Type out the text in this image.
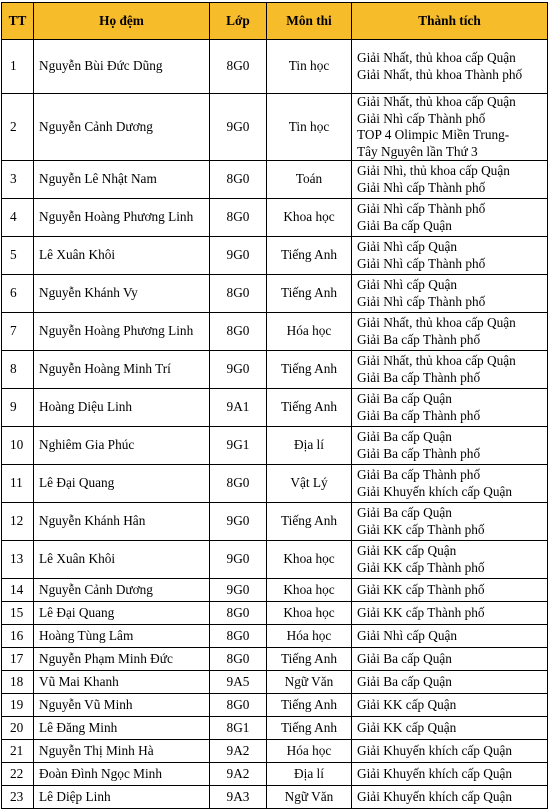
TT	Họ đệm	Lớp	Môn thi	Thành tích
1	Nguyễn Bùi Đức Dũng	8G0	Tin học	Giải Nhất, thủ khoa cấp Quận
Giải Nhất, thủ khoa Thành phố

2	Nguyễn Cảnh Dương	9G0	Tin học	Giải Nhất, thủ khoa cấp Quận
Giải Nhì cấp Thành phố
TOP 4 Olimpic Miền Trung-
Tây Nguyên lần Thứ 3

3	Nguyễn Lê Nhật Nam	8G0	Toán	Giải Nhì, thủ khoa cấp Quận
Giải Nhì cấp Thành phố

4	Nguyễn Hoàng Phương Linh	8G0	Khoa học	Giải Nhì cấp Thành phố
Giải Ba cấp Quận

5	Lê Xuân Khôi	9G0	Tiếng Anh	Giải Nhì cấp Quận
Giải Nhì cấp Thành phố

6	Nguyễn Khánh Vy	8G0	Tiếng Anh	Giải Nhì cấp Quận
Giải Nhì cấp Thành phố

7	Nguyễn Hoàng Phương Linh	8G0	Hóa học	Giải Nhất, thủ khoa cấp Quận
Giải Ba cấp Thành phố

8	Nguyễn Hoàng Minh Trí	9G0	Tiếng Anh	Giải Nhất, thủ khoa cấp Quận
Giải Ba cấp Thành phố

9	Hoàng Diệu Linh	9A1	Tiếng Anh	Giải Ba cấp Quận
Giải Ba cấp Thành phố

10	Nghiêm Gia Phúc	9G1	Địa lí	Giải Ba cấp Quận
Giải Ba cấp Thành phố

11	Lê Đại Quang	8G0	Vật Lý	Giải Ba cấp Thành phố
Giải Khuyến khích cấp Quận

12	Nguyễn Khánh Hân	9G0	Tiếng Anh	Giải Ba cấp Quận
Giải KK cấp Thành phố

13	Lê Xuân Khôi	9G0	Khoa học	Giải KK cấp Quận
Giải KK cấp Thành phố

14	Nguyễn Cảnh Dương	9G0	Khoa học	Giải KK cấp Thành phố

15	Lê Đại Quang	8G0	Khoa học	Giải KK cấp Thành phố

16	Hoàng Tùng Lâm	8G0	Hóa học	Giải Nhì cấp Quận

17	Nguyễn Phạm Minh Đức	8G0	Tiếng Anh	Giải Ba cấp Quận

18	Vũ Mai Khanh	9A5	Ngữ Văn	Giải Ba cấp Quận

19	Nguyễn Vũ Minh	8G0	Tiếng Anh	Giải KK cấp Quận

20	Lê Đăng Minh	8G1	Tiếng Anh	Giải KK cấp Quận

21	Nguyễn Thị Minh Hà	9A2	Hóa học	Giải Khuyến khích cấp Quận

22	Đoàn Đình Ngọc Minh	9A2	Địa lí	Giải Khuyến khích cấp Quận

23	Lê Diệp Linh	9A3	Ngữ Văn	Giải Khuyến khích cấp Quận
